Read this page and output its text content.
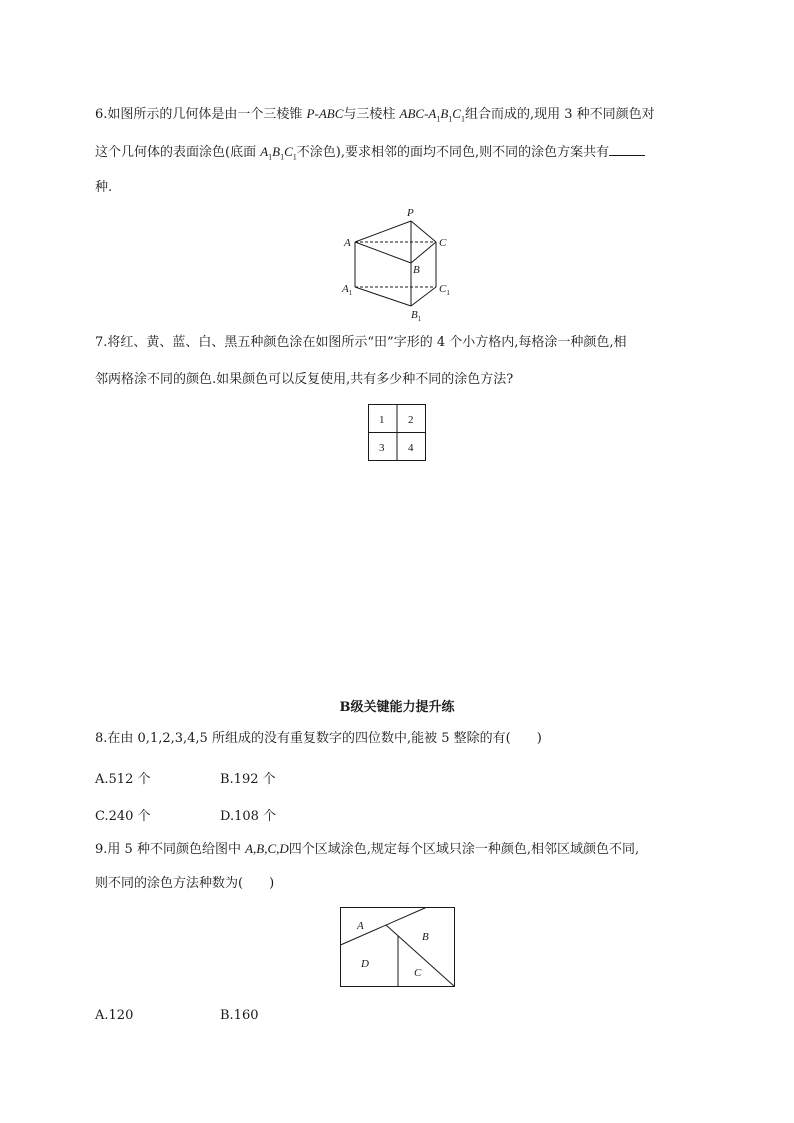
6.如图所示的几何体是由一个三棱锥 P-ABC与三棱柱 ABC-$A_1B_1C_1$组合而成的,现用 3 种不同颜色对
这个几何体的表面涂色(底面 $A_1B_1C_1$不涂色),要求相邻的面均不同色,则不同的涂色方案共有
种.
P
A	C
B
$A_1$	$C_1$
$B_1$
7.将红、黄、蓝、白、黑五种颜色涂在如图所示“田”字形的 4 个小方格内,每格涂一种颜色,相
邻两格涂不同的颜色.如果颜色可以反复使用,共有多少种不同的涂色方法?
1 2
3 4
B级关键能力提升练
8.在由 0,1,2,3,4,5 所组成的没有重复数字的四位数中,能被 5 整除的有(　　)
A.512 个	B.192 个
C.240 个	D.108 个
9.用 5 种不同颜色给图中 A,B,C,D四个区域涂色,规定每个区域只涂一种颜色,相邻区域颜色不同,
则不同的涂色方法种数为(　　)
A
B
C
D
A.120	B.160
